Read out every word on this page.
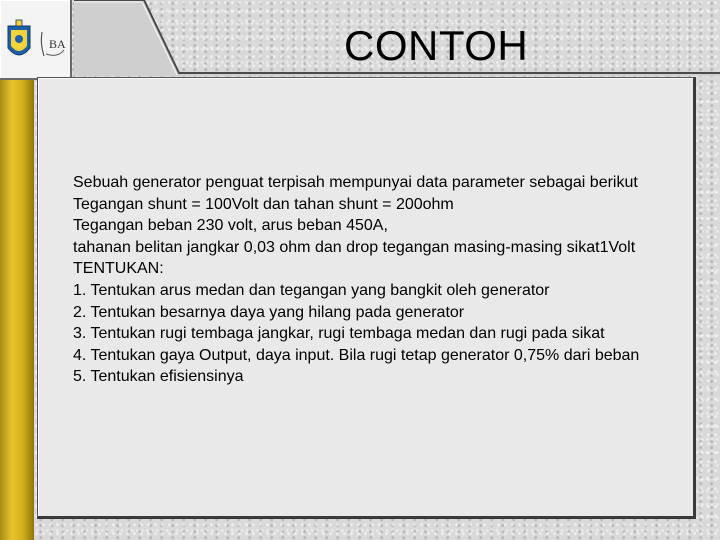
BA	CONTOH
Sebuah generator penguat terpisah mempunyai data parameter sebagai berikut
Tegangan shunt = 100Volt dan tahan shunt = 200ohm
Tegangan beban 230 volt, arus beban 450A,
tahanan belitan jangkar 0,03 ohm dan drop tegangan masing-masing sikat1Volt
TENTUKAN:
1. Tentukan arus medan dan tegangan yang bangkit oleh generator
2. Tentukan besarnya daya yang hilang pada generator
3. Tentukan rugi tembaga jangkar, rugi tembaga medan dan rugi pada sikat
4. Tentukan gaya Output, daya input. Bila rugi tetap generator 0,75% dari beban
5. Tentukan efisiensinya
